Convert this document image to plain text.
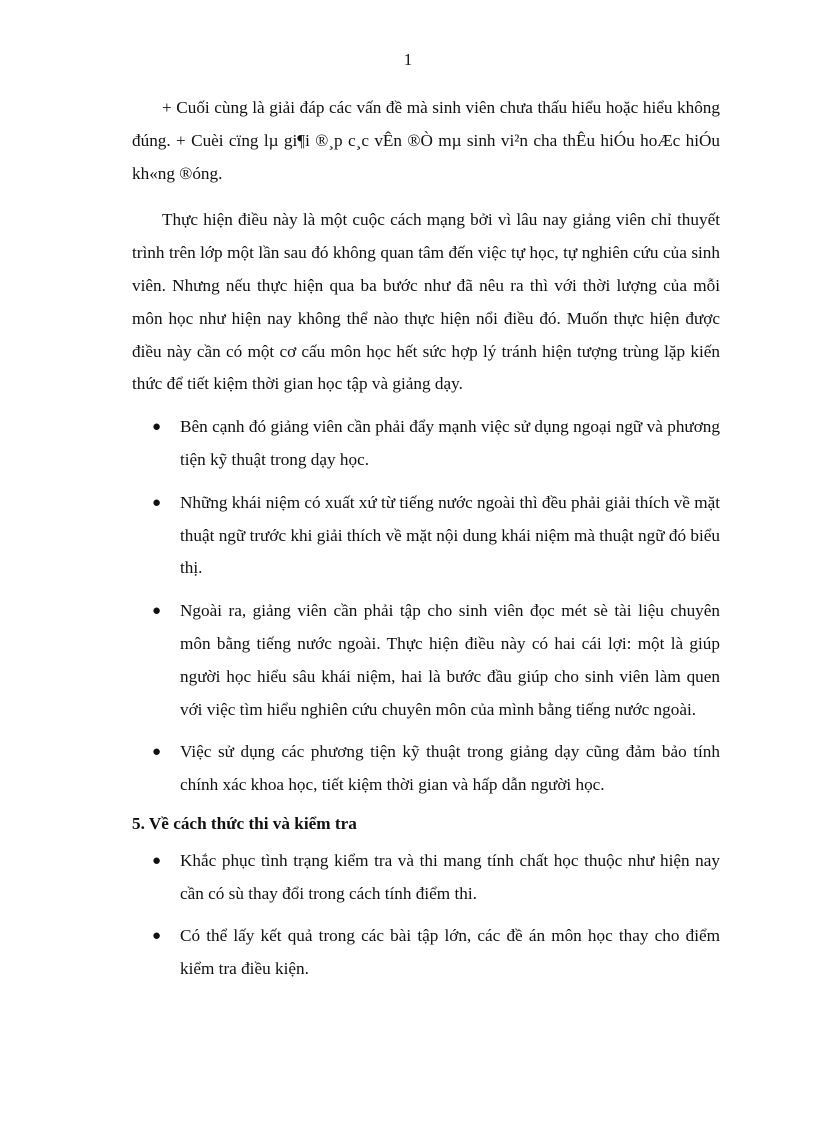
1

+ Cuối cùng là giải đáp các vấn đề mà sinh viên chưa thấu hiểu hoặc hiểu không đúng. + Cuèi cïng lµ gi¶i ®¸p c¸c vÊn ®Ò mµ sinh vi²n cha thÊu hiÓu hoÆc hiÓu kh«ng ®óng.

Thực hiện điều này là một cuộc cách mạng bởi vì lâu nay giảng viên chỉ thuyết trình trên lớp một lần sau đó không quan tâm đến việc tự học, tự nghiên cứu của sinh viên. Nhưng nếu thực hiện qua ba bước như đã nêu ra thì với thời lượng của mỗi môn học như hiện nay không thể nào thực hiện nổi điều đó. Muốn thực hiện được điều này cần có một cơ cấu môn học hết sức hợp lý tránh hiện tượng trùng lặp kiến thức để tiết kiệm thời gian học tập và giảng dạy.

● Bên cạnh đó giảng viên cần phải đẩy mạnh việc sử dụng ngoại ngữ và phương tiện kỹ thuật trong dạy học.
● Những khái niệm có xuất xứ từ tiếng nước ngoài thì đều phải giải thích về mặt thuật ngữ trước khi giải thích về mặt nội dung khái niệm mà thuật ngữ đó biểu thị.
● Ngoài ra, giảng viên cần phải tập cho sinh viên đọc mét sè tài liệu chuyên môn bằng tiếng nước ngoài. Thực hiện điều này có hai cái lợi: một là giúp người học hiểu sâu khái niệm, hai là bước đầu giúp cho sinh viên làm quen với việc tìm hiểu nghiên cứu chuyên môn của mình bằng tiếng nước ngoài.
● Việc sử dụng các phương tiện kỹ thuật trong giảng dạy cũng đảm bảo tính chính xác khoa học, tiết kiệm thời gian và hấp dẫn người học.

5. Về cách thức thi và kiểm tra

● Khắc phục tình trạng kiểm tra và thi mang tính chất học thuộc như hiện nay cần có sù thay đổi trong cách tính điểm thi.
● Có thể lấy kết quả trong các bài tập lớn, các đề án môn học thay cho điểm kiểm tra điều kiện.
